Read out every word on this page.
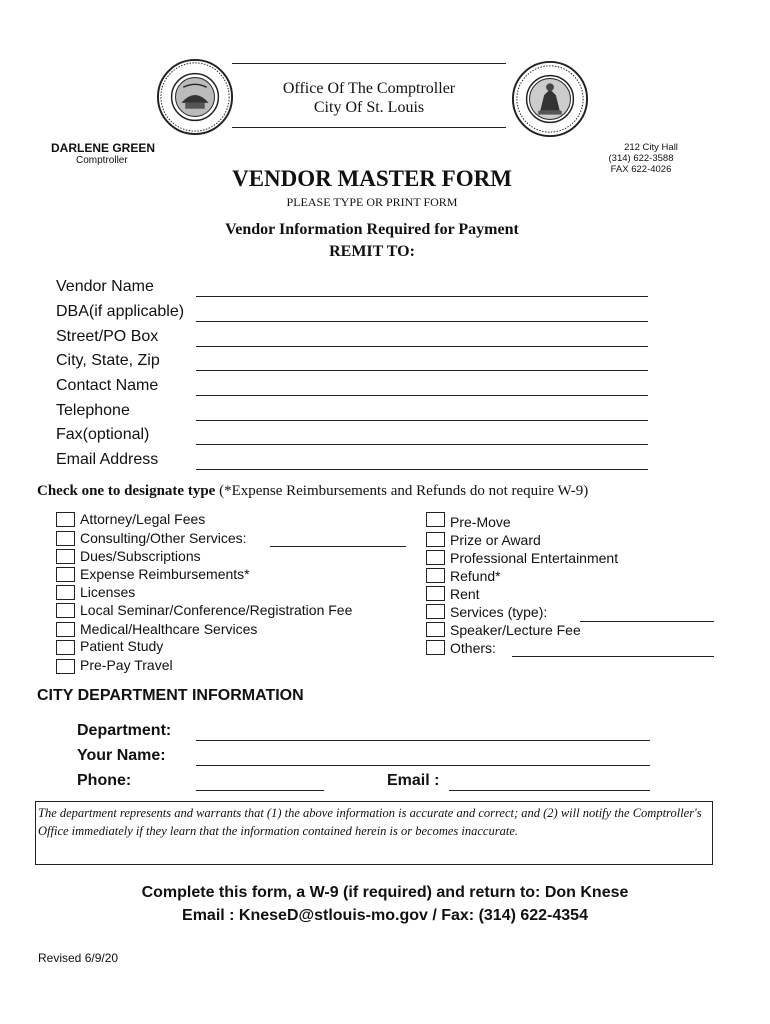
Office Of The Comptroller
City Of St. Louis
DARLENE GREEN
Comptroller
212 City Hall
(314) 622-3588
FAX 622-4026
VENDOR MASTER FORM
PLEASE TYPE OR PRINT FORM
Vendor Information Required for Payment
REMIT TO:
Vendor Name
DBA(if applicable)
Street/PO Box
City, State, Zip
Contact Name
Telephone
Fax(optional)
Email Address
Check one to designate type (*Expense Reimbursements and Refunds do not require W-9)
Attorney/Legal Fees
Consulting/Other Services:
Dues/Subscriptions
Expense Reimbursements*
Licenses
Local Seminar/Conference/Registration Fee
Medical/Healthcare Services
Patient Study
Pre-Pay Travel
Pre-Move
Prize or Award
Professional Entertainment
Refund*
Rent
Services (type):
Speaker/Lecture Fee
Others:
CITY DEPARTMENT INFORMATION
Department:
Your Name:
Phone:	Email :
The department represents and warrants that (1) the above information is accurate and correct; and (2) will notify the Comptroller's Office immediately if they learn that the information contained herein is or becomes inaccurate.
Complete this form, a W-9 (if required) and return to: Don Knese
Email : KneseD@stlouis-mo.gov / Fax: (314) 622-4354
Revised 6/9/20
